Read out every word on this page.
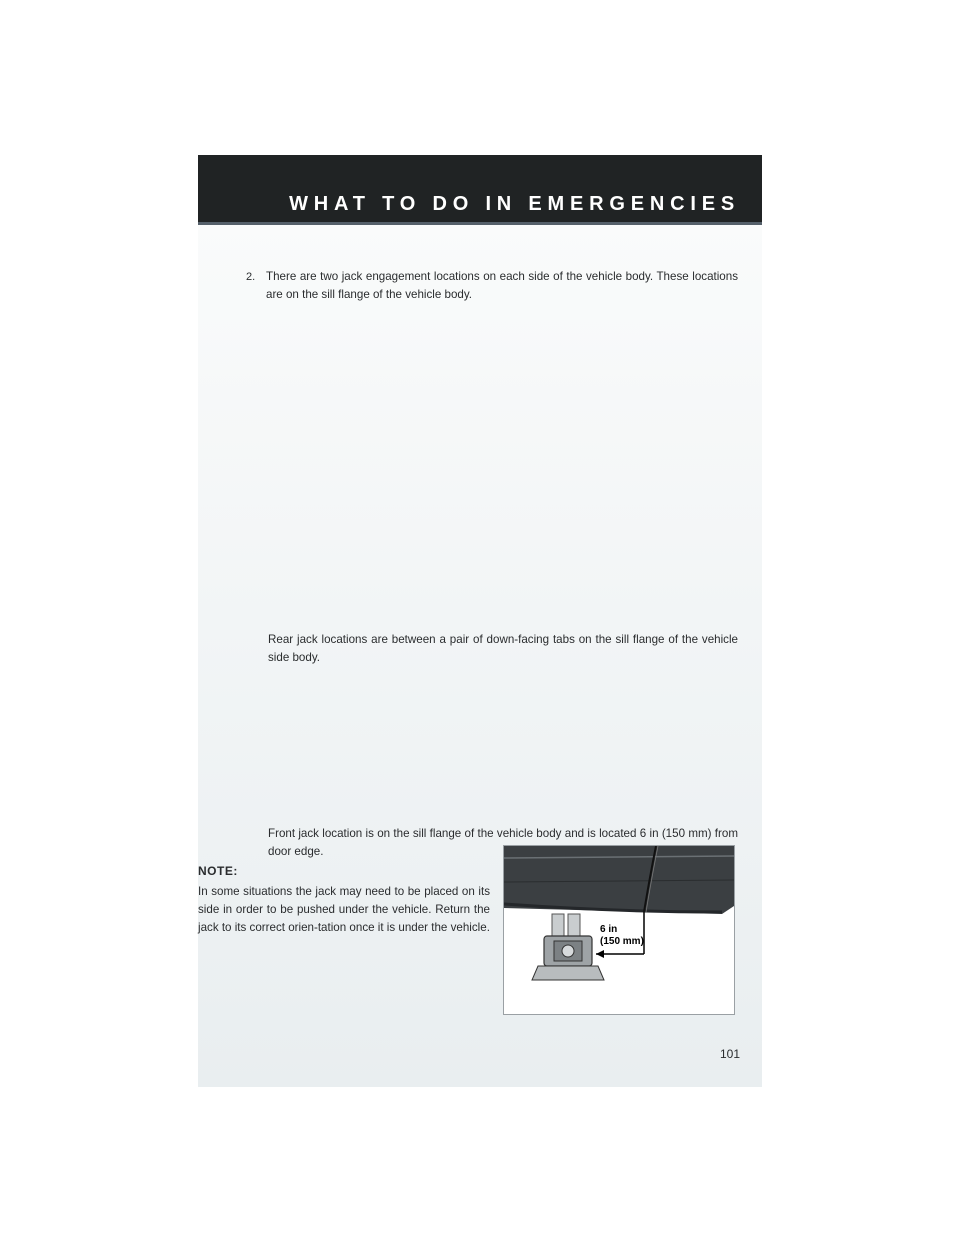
WHAT TO DO IN EMERGENCIES
2. There are two jack engagement locations on each side of the vehicle body. These locations are on the sill flange of the vehicle body.
Rear jack locations are between a pair of down-facing tabs on the sill flange of the vehicle side body.
Front jack location is on the sill flange of the vehicle body and is located 6 in (150 mm) from door edge.
NOTE:
In some situations the jack may need to be placed on its side in order to be pushed under the vehicle. Return the jack to its correct orien-tation once it is under the vehicle.	6 in
(150 mm)
101
